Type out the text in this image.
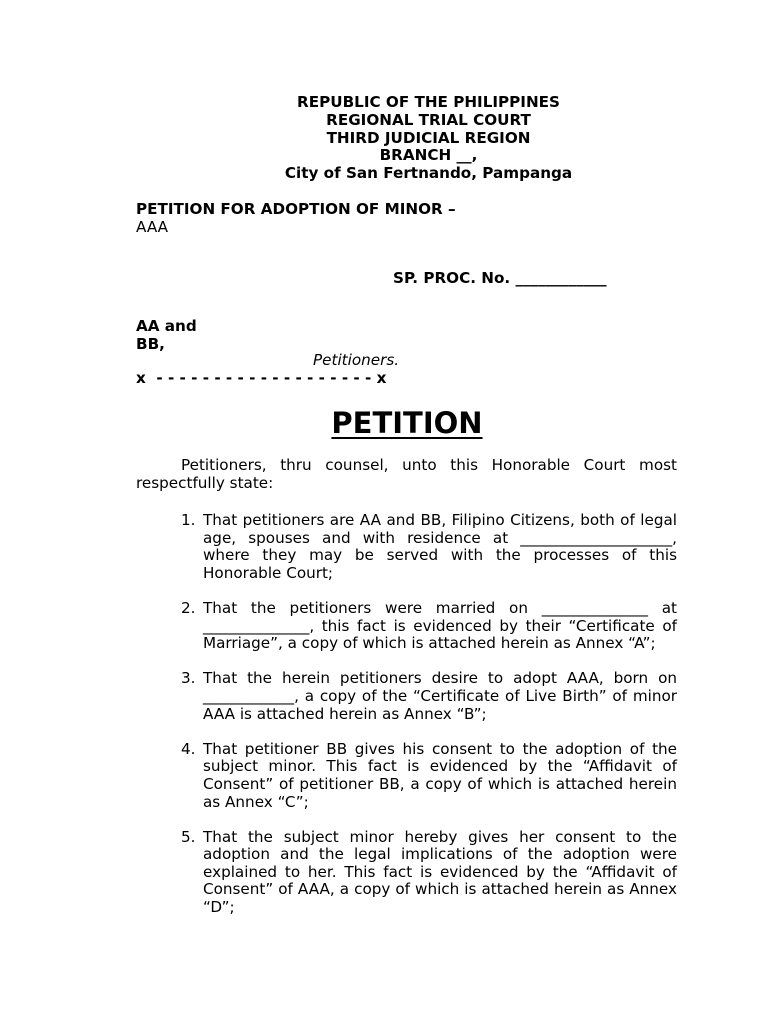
REPUBLIC OF THE PHILIPPINES
REGIONAL TRIAL COURT
THIRD JUDICIAL REGION
BRANCH __,
City of San Fertnando, Pampanga
PETITION FOR ADOPTION OF MINOR –
AAA
SP. PROC. No. ____________
AA and
BB,
Petitioners.
x  - - - - - - - - - - - - - - - - - - - x
PETITION
Petitioners, thru counsel, unto this Honorable Court most respectfully state:
1. That petitioners are AA and BB, Filipino Citizens, both of legal age, spouses and with residence at ____________________, where they may be served with the processes of this Honorable Court;
2. That the petitioners were married on ______________ at ______________, this fact is evidenced by their “Certificate of Marriage”, a copy of which is attached herein as Annex “A”;
3. That the herein petitioners desire to adopt AAA, born on ____________, a copy of the “Certificate of Live Birth” of minor AAA is attached herein as Annex “B”;
4. That petitioner BB gives his consent to the adoption of the subject minor. This fact is evidenced by the “Affidavit of Consent” of petitioner BB, a copy of which is attached herein as Annex “C”;
5. That the subject minor hereby gives her consent to the adoption and the legal implications of the adoption were explained to her. This fact is evidenced by the “Affidavit of Consent” of AAA, a copy of which is attached herein as Annex “D”;
